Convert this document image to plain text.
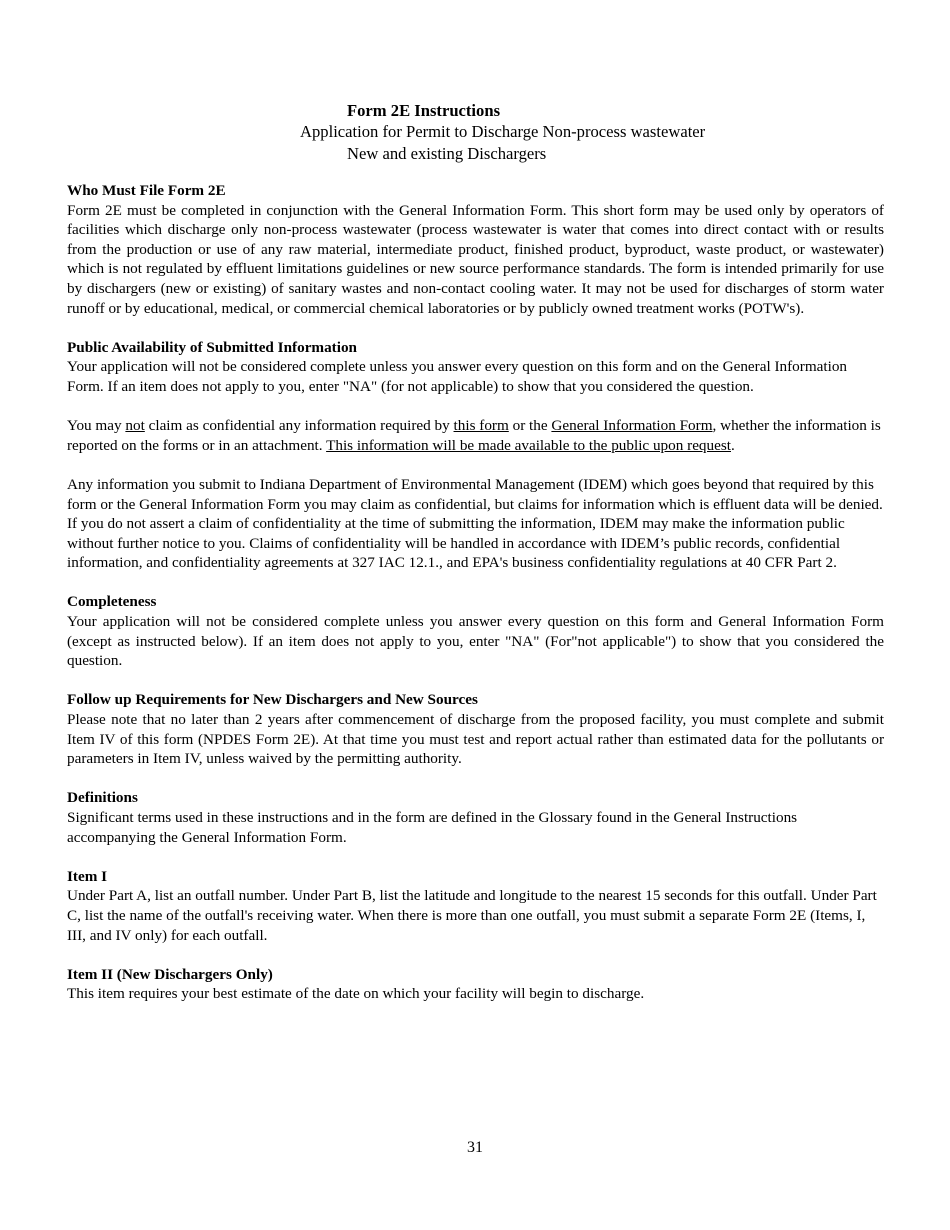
Form 2E Instructions
Application for Permit to Discharge Non-process wastewater
New and existing Dischargers

Who Must File Form 2E

Form 2E must be completed in conjunction with the General Information Form. This short form may be used only by operators of facilities which discharge only non-process wastewater (process wastewater is water that comes into direct contact with or results from the production or use of any raw material, intermediate product, finished product, byproduct, waste product, or wastewater) which is not regulated by effluent limitations guidelines or new source performance standards. The form is intended primarily for use by dischargers (new or existing) of sanitary wastes and non-contact cooling water. It may not be used for discharges of storm water runoff or by educational, medical, or commercial chemical laboratories or by publicly owned treatment works (POTW's).

Public Availability of Submitted Information

Your application will not be considered complete unless you answer every question on this form and on the General Information Form. If an item does not apply to you, enter "NA" (for not applicable) to show that you considered the question.

You may not claim as confidential any information required by this form or the General Information Form, whether the information is reported on the forms or in an attachment. This information will be made available to the public upon request.

Any information you submit to Indiana Department of Environmental Management (IDEM) which goes beyond that required by this form or the General Information Form you may claim as confidential, but claims for information which is effluent data will be denied. If you do not assert a claim of confidentiality at the time of submitting the information, IDEM may make the information public without further notice to you. Claims of confidentiality will be handled in accordance with IDEM’s public records, confidential information, and confidentiality agreements at 327 IAC 12.1., and EPA's business confidentiality regulations at 40 CFR Part 2.

Completeness

Your application will not be considered complete unless you answer every question on this form and General Information Form (except as instructed below). If an item does not apply to you, enter "NA" (For"not applicable") to show that you considered the question.

Follow up Requirements for New Dischargers and New Sources

Please note that no later than 2 years after commencement of discharge from the proposed facility, you must complete and submit Item IV of this form (NPDES Form 2E). At that time you must test and report actual rather than estimated data for the pollutants or parameters in Item IV, unless waived by the permitting authority.

Definitions

Significant terms used in these instructions and in the form are defined in the Glossary found in the General Instructions accompanying the General Information Form.

Item I

Under Part A, list an outfall number. Under Part B, list the latitude and longitude to the nearest 15 seconds for this outfall. Under Part C, list the name of the outfall's receiving water. When there is more than one outfall, you must submit a separate Form 2E (Items, I, III, and IV only) for each outfall.

Item II (New Dischargers Only)

This item requires your best estimate of the date on which your facility will begin to discharge.

31
